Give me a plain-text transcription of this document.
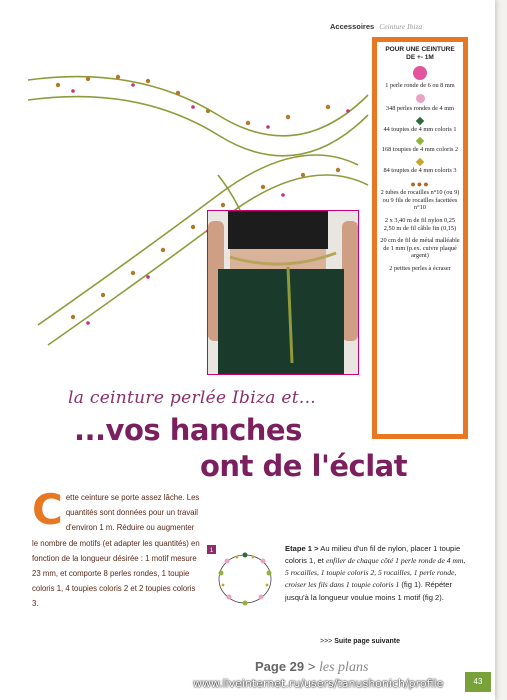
Accessoires Ceinture Ibiza
POUR UNE CEINTURE
DE +- 1M
1 perle ronde de 6 ou 8 mm
348 perles rondes de 4 mm
44 toupies de 4 mm coloris 1
168 toupies de 4 mm coloris 2
84 toupies de 4 mm coloris 3
●●●
2 tubes de rocailles n°10 (ou 9) ou 9 fils de rocailles facettées n°10
2 x 3,40 m de fil nylon 0,25 2,50 m de fil câble fin (0,15)
20 cm de fil de métal malléable de 1 mm (p.ex. cuivre plaqué argent)
2 petites perles à écraser
la ceinture perlée Ibiza et...
...vos hanches
ont de l'éclat
Cette ceinture se porte assez lâche. Les quantités sont données pour un travail d'environ 1 m. Réduire ou augmenter le nombre de motifs (et adapter les quantités) en fonction de la longueur désirée : 1 motif mesure 23 mm, et comporte 8 perles rondes, 1 toupie coloris 1, 4 toupies coloris 2 et 2 toupies coloris 3.
1	Etape 1 > Au milieu d'un fil de nylon, placer 1 toupie coloris 1, et enfiler de chaque côté 1 perle ronde de 4 mm, 5 rocailles, 1 toupie coloris 2, 5 rocailles, 1 perle ronde, croiser les fils dans 1 toupie coloris 1 (fig 1). Répéter jusqu'à la longueur voulue moins 1 motif (fig 2).
>>> Suite page suivante
Page 29 > les plans
43
www.liveinternet.ru/users/tanushonich/profile
